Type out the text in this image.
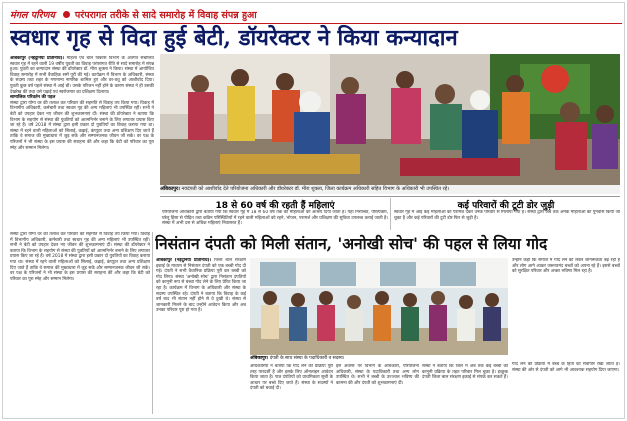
मंगल परिणय परंपरागत तरीके से सादे समारोह में विवाह संपन्न हुआ
स्वधार गृह से विदा हुई बेटी, डॉयरेक्टर ने किया कन्यादान
अंबिकापुर (नईदुनिया प्रतिनिधि)। महिला एवं बाल विकास विभाग के अंतर्गत संचालित स्वधार गृह में रहने वाली 19 वर्षीय युवती का विवाह परंपरागत रीति से सादे समारोह में संपन्न हुआ। युवती का कन्यादान संस्था की डॉयरेक्टर डॉ. मीरा शुक्ला ने किया। संस्था में आयोजित विवाह समारोह में सभी वैवाहिक रस्में पूरी की गई। कार्यक्रम में विभाग के अधिकारी, संस्था के सदस्य तथा शहर के गणमान्य नागरिक शामिल हुए और वर-वधू को आशीर्वाद दिया। युवती कुछ वर्ष पहले संस्था में आई थी। उसके परिजन नहीं होने के कारण संस्था ने ही उसकी देखरेख की तथा उसे पढ़ाई एवं स्वरोजगार का प्रशिक्षण दिलाया।
सामाजिक परिवर्तन की पहल
संस्था द्वारा योग्य वर की तलाश कर परिवार की सहमति से विवाह तय किया गया। विवाह में विभागीय अधिकारी, कर्मचारी तथा स्वधार गृह की अन्य महिलाएं भी उपस्थित रहीं। सभी ने बेटी को उपहार देकर नए जीवन की शुभकामनाएं दीं। संस्था की डॉयरेक्टर ने बताया कि विभाग के सहयोग से संस्था की युवतियों को आत्मनिर्भर बनाने के लिए लगातार प्रयास किए जा रहे हैं। वर्ष 2018 में संस्था द्वारा इसी प्रकार दो युवतियों का विवाह कराया गया था। संस्था में रहने वाली महिलाओं को सिलाई, कढ़ाई, कंप्यूटर तथा अन्य प्रशिक्षण दिए जाते हैं ताकि वे समाज की मुख्यधारा में जुड़ सकें और सम्मानजनक जीवन जी सकें। वर पक्ष के परिजनों ने भी संस्था के इस प्रयास की सराहना की और कहा कि बेटी को परिवार का पूरा स्नेह और सम्मान मिलेगा।
संस्था द्वारा योग्य वर की तलाश कर परिवार की सहमति से विवाह तय किया गया। विवाह में विभागीय अधिकारी, कर्मचारी तथा स्वधार गृह की अन्य महिलाएं भी उपस्थित रहीं। सभी ने बेटी को उपहार देकर नए जीवन की शुभकामनाएं दीं। संस्था की डॉयरेक्टर ने बताया कि विभाग के सहयोग से संस्था की युवतियों को आत्मनिर्भर बनाने के लिए लगातार प्रयास किए जा रहे हैं। वर्ष 2018 में संस्था द्वारा इसी प्रकार दो युवतियों का विवाह कराया गया था। संस्था में रहने वाली महिलाओं को सिलाई, कढ़ाई, कंप्यूटर तथा अन्य प्रशिक्षण दिए जाते हैं ताकि वे समाज की मुख्यधारा में जुड़ सकें और सम्मानजनक जीवन जी सकें। वर पक्ष के परिजनों ने भी संस्था के इस प्रयास की सराहना की और कहा कि बेटी को परिवार का पूरा स्नेह और सम्मान मिलेगा।
अंबिकापुर। नवदंपती को आशीर्वाद देते परियोजना अधिकारी और डॉयरेक्टर डॉ. मीरा शुक्ला, जिला कार्यक्रम अधिकारी सहित विभाग के अधिकारी भी उपस्थित रहे।
18 से 60 वर्ष की रहती हैं महिलाएं	कई परिवारों की टूटी डोर जुड़ी
परियोजना अधिकारी द्वारा बताया गया कि स्वधार गृह में 18 से 60 वर्ष तक की महिलाओं को आश्रय दिया जाता है। यहां निराश्रित, परित्यक्ता, घरेलू हिंसा से पीड़ित तथा कठिन परिस्थितियों में रहने वाली महिलाओं को रहने, भोजन, परामर्श और प्रशिक्षण की सुविधा उपलब्ध कराई जाती है। संस्था में अभी दस से अधिक महिलाएं निवासरत हैं।
स्वधार गृह में आई कई महिलाओं को परामर्श देकर उनके परिवार से मिलाया गया है। संस्था द्वारा अब तक अनेक महिलाओं का पुनर्वास किया जा चुका है और कई परिवारों की टूटी डोर फिर से जुड़ी है।
निसंतान दंपती को मिली संतान, 'अनोखी सोच' की पहल से लिया गोद
अंबिकापुर (नईदुनिया प्रतिनिधि)। जिला बाल संरक्षण इकाई के माध्यम से निसंतान दंपती को एक बच्ची गोद दी गई। दंपती ने सभी वैधानिक प्रक्रिया पूरी कर बच्ची को गोद लिया। संस्था 'अनोखी सोच' द्वारा निसंतान दंपतियों को कानूनी रूप से बच्चा गोद लेने के लिए प्रेरित किया जा रहा है। कार्यक्रम में विभाग के अधिकारी और संस्था के सदस्य उपस्थित रहे। दंपती ने बताया कि विवाह के कई वर्ष बाद भी संतान नहीं होने से वे दुखी थे। संस्था से जानकारी मिलने के बाद उन्होंने आवेदन किया और अब उनका परिवार पूरा हो गया है।
अंबिकापुर। दंपती के साथ संस्था के पदाधिकारी व सदस्य।
अधिकारियों ने बताया कि गोद लेने की प्रक्रिया पूरी तरह पारदर्शी है और इसके लिए ऑनलाइन आवेदन किया जाता है। पात्र दंपतियों को प्राथमिकता सूची के आधार पर बच्चे दिए जाते हैं। संस्था के सदस्यों ने दंपती को बधाई दी।
इस अवसर पर विभाग के अधिकारी, परियोजना अधिकारी, संस्था के पदाधिकारी तथा अन्य लोग उपस्थित थे। सभी ने बच्ची के उज्ज्वल भविष्य की कामना की और दंपती को शुभकामनाएं दीं।
संस्था ने बताया कि जिले में अब तक कई बच्चों को कानूनी प्रक्रिया के तहत परिवार मिल चुका है। इच्छुक दंपती जिला बाल संरक्षण इकाई से संपर्क कर सकते हैं।
उन्होंने कहा कि समाज में गोद लेने को लेकर जागरूकता बढ़ रही है और लोग आगे आकर जरूरतमंद बच्चों को अपना रहे हैं। इससे बच्चों को सुरक्षित परिवार और अच्छा भविष्य मिल रहा है।
गोद लेने की प्रक्रिया में बच्चे के हितों को सर्वोपरि रखा जाता है। संस्था की ओर से दंपती को आगे भी आवश्यक सहयोग दिया जाएगा।
